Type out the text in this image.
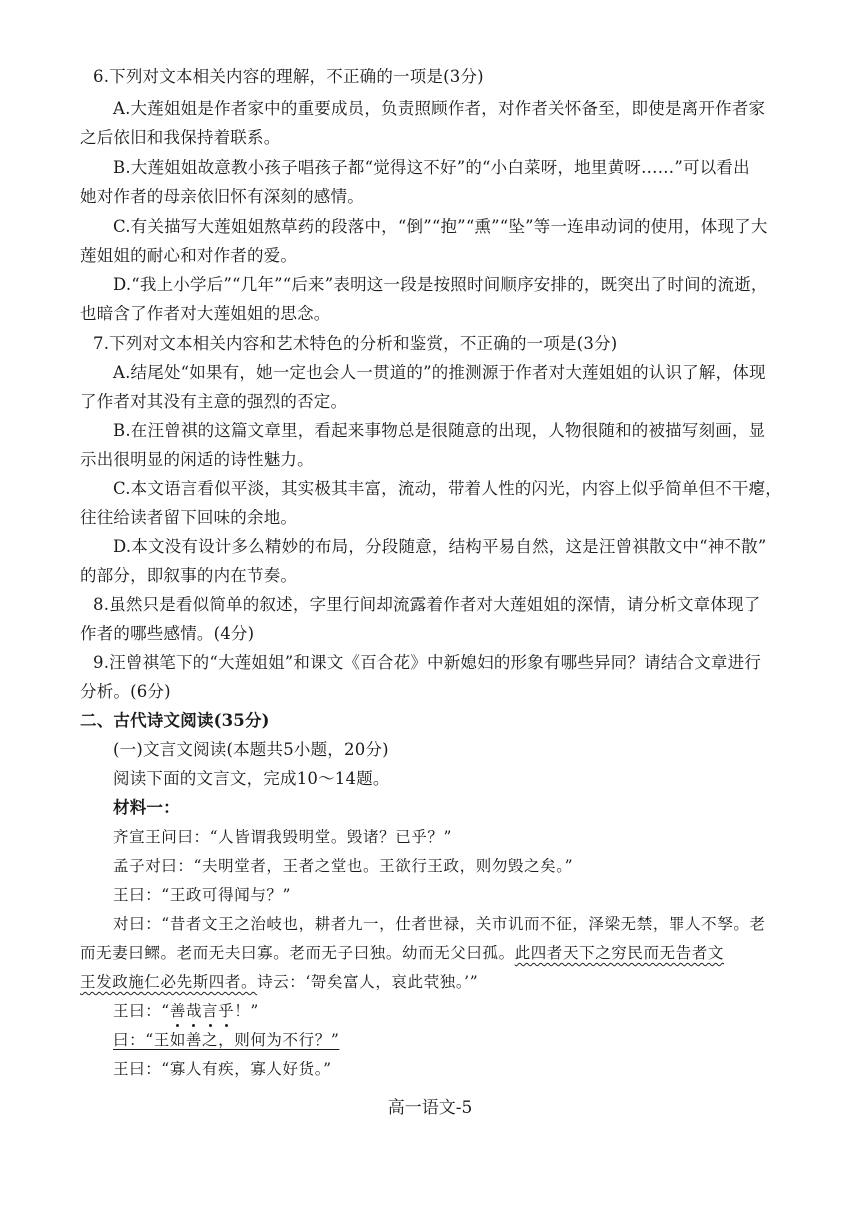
6.下列对文本相关内容的理解，不正确的一项是(3分)
A.大莲姐姐是作者家中的重要成员，负责照顾作者，对作者关怀备至，即使是离开作者家
之后依旧和我保持着联系。
B.大莲姐姐故意教小孩子唱孩子都“觉得这不好”的“小白菜呀，地里黄呀……”可以看出
她对作者的母亲依旧怀有深刻的感情。
C.有关描写大莲姐姐熬草药的段落中，“倒”“抱”“熏”“坠”等一连串动词的使用，体现了大
莲姐姐的耐心和对作者的爱。
D.“我上小学后”“几年”“后来”表明这一段是按照时间顺序安排的，既突出了时间的流逝，
也暗含了作者对大莲姐姐的思念。
7.下列对文本相关内容和艺术特色的分析和鉴赏，不正确的一项是(3分)
A.结尾处“如果有，她一定也会人一贯道的”的推测源于作者对大莲姐姐的认识了解，体现
了作者对其没有主意的强烈的否定。
B.在汪曾祺的这篇文章里，看起来事物总是很随意的出现，人物很随和的被描写刻画，显
示出很明显的闲适的诗性魅力。
C.本文语言看似平淡，其实极其丰富，流动，带着人性的闪光，内容上似乎简单但不干瘪，
往往给读者留下回味的余地。
D.本文没有设计多么精妙的布局，分段随意，结构平易自然，这是汪曾祺散文中“神不散”
的部分，即叙事的内在节奏。
8.虽然只是看似简单的叙述，字里行间却流露着作者对大莲姐姐的深情，请分析文章体现了
作者的哪些感情。(4分)
9.汪曾祺笔下的“大莲姐姐”和课文《百合花》中新媳妇的形象有哪些异同？请结合文章进行
分析。(6分)
二、古代诗文阅读(35分)
(一)文言文阅读(本题共5小题，20分)
阅读下面的文言文，完成10～14题。
材料一：
齐宣王问曰：“人皆谓我毁明堂。毁诸？已乎？”
孟子对曰：“夫明堂者，王者之堂也。王欲行王政，则勿毁之矣。”
王曰：“王政可得闻与？”
对曰：“昔者文王之治岐也，耕者九一，仕者世禄，关市讥而不征，泽梁无禁，罪人不孥。老
而无妻曰鳏。老而无夫曰寡。老而无子曰独。幼而无父曰孤。此四者天下之穷民而无告者文
王发政施仁必先斯四者。诗云：‘哿矣富人，哀此茕独。’”
王曰：“善哉言乎！”
曰：“王如善之，则何为不行？”
王曰：“寡人有疾，寡人好货。”
高一语文-5
